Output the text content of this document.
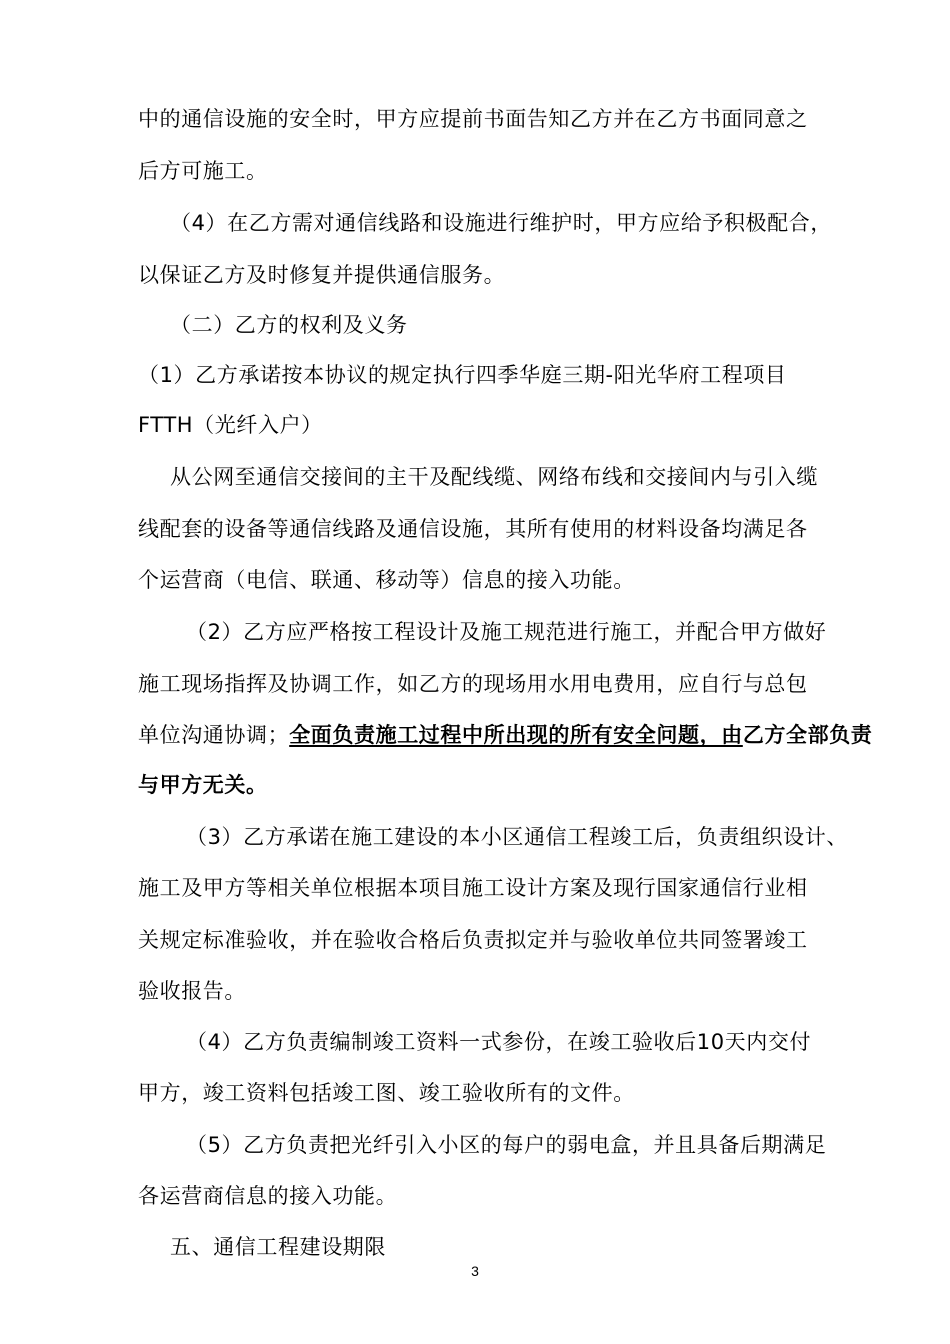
中的通信设施的安全时，甲方应提前书面告知乙方并在乙方书面同意之
后方可施工。
（4）在乙方需对通信线路和设施进行维护时，甲方应给予积极配合，
以保证乙方及时修复并提供通信服务。
（二）乙方的权利及义务
（1）乙方承诺按本协议的规定执行四季华庭三期-阳光华府工程项目
FTTH（光纤入户）
从公网至通信交接间的主干及配线缆、网络布线和交接间内与引入缆
线配套的设备等通信线路及通信设施，其所有使用的材料设备均满足各
个运营商（电信、联通、移动等）信息的接入功能。
（2）乙方应严格按工程设计及施工规范进行施工，并配合甲方做好
施工现场指挥及协调工作，如乙方的现场用水用电费用，应自行与总包
单位沟通协调；全面负责施工过程中所出现的所有安全问题，由乙方全部负责
与甲方无关。
（3）乙方承诺在施工建设的本小区通信工程竣工后，负责组织设计、
施工及甲方等相关单位根据本项目施工设计方案及现行国家通信行业相
关规定标准验收，并在验收合格后负责拟定并与验收单位共同签署竣工
验收报告。
（4）乙方负责编制竣工资料一式参份，在竣工验收后10天内交付
甲方，竣工资料包括竣工图、竣工验收所有的文件。
（5）乙方负责把光纤引入小区的每户的弱电盒，并且具备后期满足
各运营商信息的接入功能。
五、通信工程建设期限
3
